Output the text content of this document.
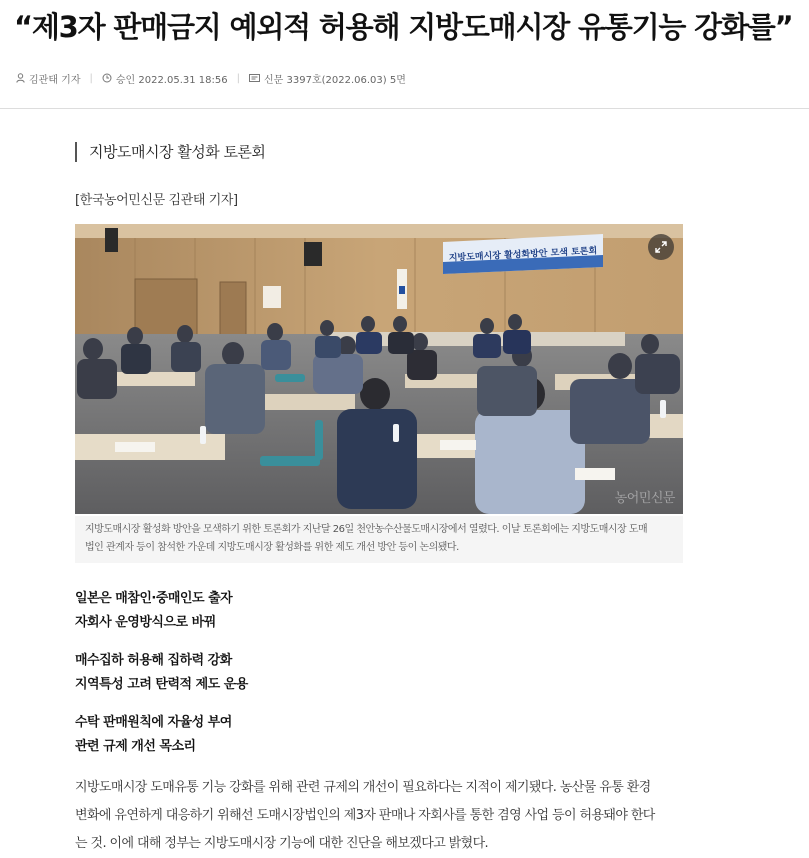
“제3자 판매금지 예외적 허용해 지방도매시장 유통기능 강화를”
김관태 기자 | 승인 2022.05.31 18:56 | 신문 3397호(2022.06.03) 5면
지방도매시장 활성화 토론회
[한국농어민신문 김관태 기자]
지방도매시장 활성화방안 모색 토론회
농어민신문
지방도매시장 활성화 방안을 모색하기 위한 토론회가 지난달 26일 천안농수산물도매시장에서 열렸다. 이날 토론회에는 지방도매시장 도매
법인 관계자 등이 참석한 가운데 지방도매시장 활성화를 위한 제도 개선 방안 등이 논의됐다.
일본은 매참인·중매인도 출자
자회사 운영방식으로 바꿔
매수집하 허용해 집하력 강화
지역특성 고려 탄력적 제도 운용
수탁 판매원칙에 자율성 부여
관련 규제 개선 목소리
지방도매시장 도매유통 기능 강화를 위해 관련 규제의 개선이 필요하다는 지적이 제기됐다. 농산물 유통 환경
변화에 유연하게 대응하기 위해선 도매시장법인의 제3자 판매나 자회사를 통한 겸영 사업 등이 허용돼야 한다
는 것. 이에 대해 정부는 지방도매시장 기능에 대한 진단을 해보겠다고 밝혔다.
